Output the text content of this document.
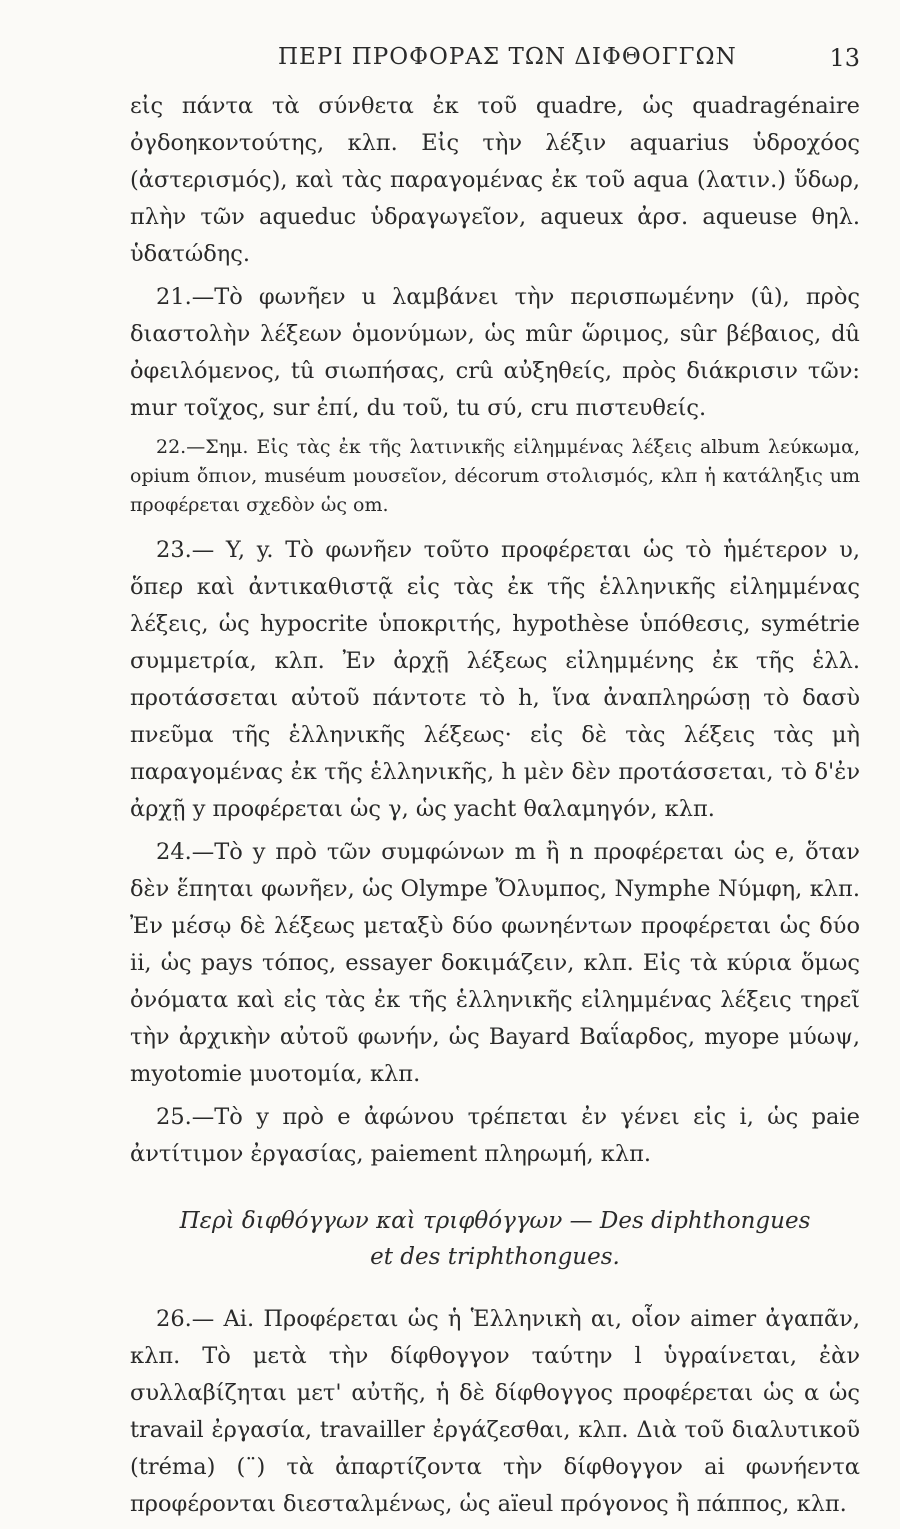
ΠΕΡΙ ΠΡΟΦΟΡΑΣ ΤΩΝ ΔΙΦΘΟΓΓΩΝ	13

εἰς πάντα τὰ σύνθετα ἐκ τοῦ quadre, ὡς quadragénaire ὀγδοηκοντούτης, κλπ. Εἰς τὴν λέξιν aquarius ὑδροχόος (ἀστερισμός), καὶ τὰς παραγομένας ἐκ τοῦ aqua (λατιν.) ὕδωρ, πλὴν τῶν aqueduc ὑδραγωγεῖον, aqueux ἀρσ. aqueuse θηλ. ὑδατώδης.

21.—Τὸ φωνῆεν u λαμβάνει τὴν περισπωμένην (û), πρὸς διαστολὴν λέξεων ὁμονύμων, ὡς mûr ὥριμος, sûr βέβαιος, dû ὀφειλόμενος, tû σιωπήσας, crû αὐξηθείς, πρὸς διάκρισιν τῶν: mur τοῖχος, sur ἐπί, du τοῦ, tu σύ, cru πιστευθείς.

22.—Σημ. Εἰς τὰς ἐκ τῆς λατινικῆς εἰλημμένας λέξεις album λεύκωμα, opium ὄπιον, muséum μουσεῖον, décorum στολισμός, κλπ ἡ κατάληξις um προφέρεται σχεδὸν ὡς om.

23.— Y, y. Τὸ φωνῆεν τοῦτο προφέρεται ὡς τὸ ἡμέτερον υ, ὅπερ καὶ ἀντικαθιστᾷ εἰς τὰς ἐκ τῆς ἑλληνικῆς εἰλημμένας λέξεις, ὡς hypocrite ὑποκριτής, hypothèse ὑπόθεσις, symétrie συμμετρία, κλπ. Ἐν ἀρχῇ λέξεως εἰλημμένης ἐκ τῆς ἑλλ. προτάσσεται αὐτοῦ πάντοτε τὸ h, ἵνα ἀναπληρώσῃ τὸ δασὺ πνεῦμα τῆς ἑλληνικῆς λέξεως· εἰς δὲ τὰς λέξεις τὰς μὴ παραγομένας ἐκ τῆς ἑλληνικῆς, h μὲν δὲν προτάσσεται, τὸ δ'ἐν ἀρχῇ y προφέρεται ὡς γ, ὡς yacht θαλαμηγόν, κλπ.

24.—Τὸ y πρὸ τῶν συμφώνων m ἢ n προφέρεται ὡς e, ὅταν δὲν ἕπηται φωνῆεν, ὡς Olympe Ὄλυμπος, Nymphe Νύμφη, κλπ. Ἐν μέσῳ δὲ λέξεως μεταξὺ δύο φωνηέντων προφέρεται ὡς δύο ii, ὡς pays τόπος, essayer δοκιμάζειν, κλπ. Εἰς τὰ κύρια ὅμως ὀνόματα καὶ εἰς τὰς ἐκ τῆς ἑλληνικῆς εἰλημμένας λέξεις τηρεῖ τὴν ἀρχικὴν αὐτοῦ φωνήν, ὡς Bayard Βαΐαρδος, myope μύωψ, myotomie μυοτομία, κλπ.

25.—Τὸ y πρὸ e ἀφώνου τρέπεται ἐν γένει εἰς i, ὡς paie ἀντίτιμον ἐργασίας, paiement πληρωμή, κλπ.

Περὶ διφθόγγων καὶ τριφθόγγων — Des diphthongues
et des triphthongues.

26.— Ai. Προφέρεται ὡς ἡ Ἑλληνικὴ αι, οἷον aimer ἀγαπᾶν, κλπ. Τὸ μετὰ τὴν δίφθογγον ταύτην l ὑγραίνεται, ἐὰν συλλαβίζηται μετ' αὐτῆς, ἡ δὲ δίφθογγος προφέρεται ὡς α ὡς travail ἐργασία, travailler ἐργάζεσθαι, κλπ. Διὰ τοῦ διαλυτικοῦ (tréma) (¨) τὰ ἀπαρτίζοντα τὴν δίφθογγον ai φωνήεντα προφέρονται διεσταλμένως, ὡς aïeul πρόγονος ἢ πάππος, κλπ.
